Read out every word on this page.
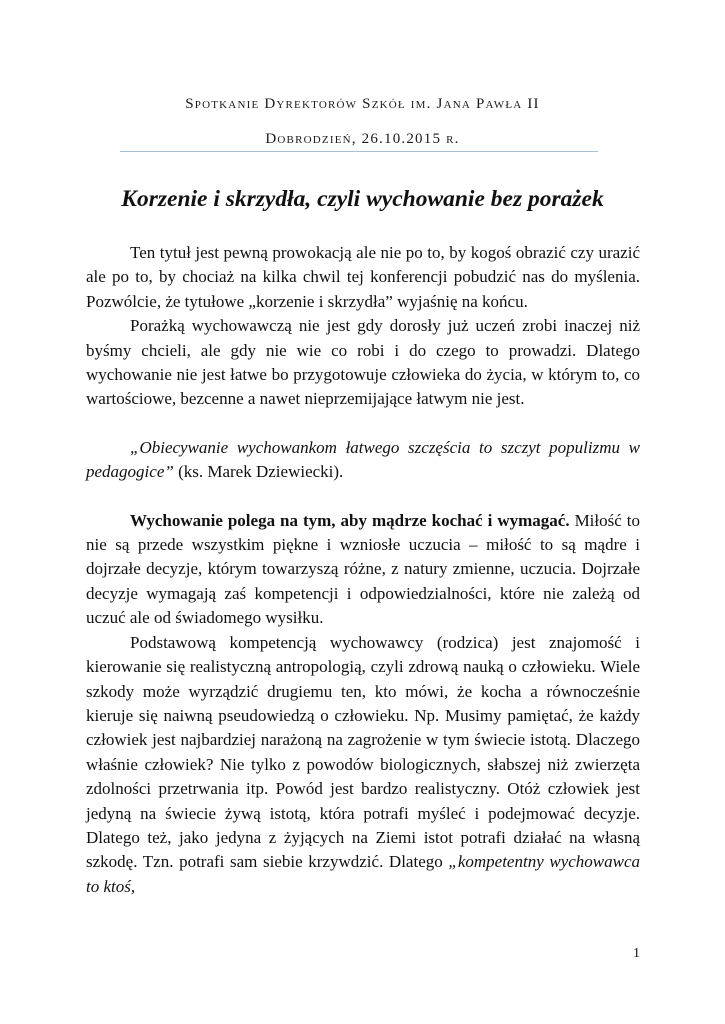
Spotkanie Dyrektorów Szkół im. Jana Pawła II

Dobrodzień, 26.10.2015 r.

Korzenie i skrzydła, czyli wychowanie bez porażek

Ten tytuł jest pewną prowokacją ale nie po to, by kogoś obrazić czy urazić ale po to, by chociaż na kilka chwil tej konferencji pobudzić nas do myślenia. Pozwólcie, że tytułowe „korzenie i skrzydła” wyjaśnię na końcu.

Porażką wychowawczą nie jest gdy dorosły już uczeń zrobi inaczej niż byśmy chcieli, ale gdy nie wie co robi i do czego to prowadzi. Dlatego wychowanie nie jest łatwe bo przygotowuje człowieka do życia, w którym to, co wartościowe, bezcenne a nawet nieprzemijające łatwym nie jest.

„Obiecywanie wychowankom łatwego szczęścia to szczyt populizmu w pedagogice” (ks. Marek Dziewiecki).

Wychowanie polega na tym, aby mądrze kochać i wymagać. Miłość to nie są przede wszystkim piękne i wzniosłe uczucia – miłość to są mądre i dojrzałe decyzje, którym towarzyszą różne, z natury zmienne, uczucia. Dojrzałe decyzje wymagają zaś kompetencji i odpowiedzialności, które nie zależą od uczuć ale od świadomego wysiłku.

Podstawową kompetencją wychowawcy (rodzica) jest znajomość i kierowanie się realistyczną antropologią, czyli zdrową nauką o człowieku. Wiele szkody może wyrządzić drugiemu ten, kto mówi, że kocha a równocześnie kieruje się naiwną pseudowiedzą o człowieku. Np. Musimy pamiętać, że każdy człowiek jest najbardziej narażoną na zagrożenie w tym świecie istotą. Dlaczego właśnie człowiek? Nie tylko z powodów biologicznych, słabszej niż zwierzęta zdolności przetrwania itp. Powód jest bardzo realistyczny. Otóż człowiek jest jedyną na świecie żywą istotą, która potrafi myśleć i podejmować decyzje. Dlatego też, jako jedyna z żyjących na Ziemi istot potrafi działać na własną szkodę. Tzn. potrafi sam siebie krzywdzić. Dlatego „kompetentny wychowawca to ktoś,

1
